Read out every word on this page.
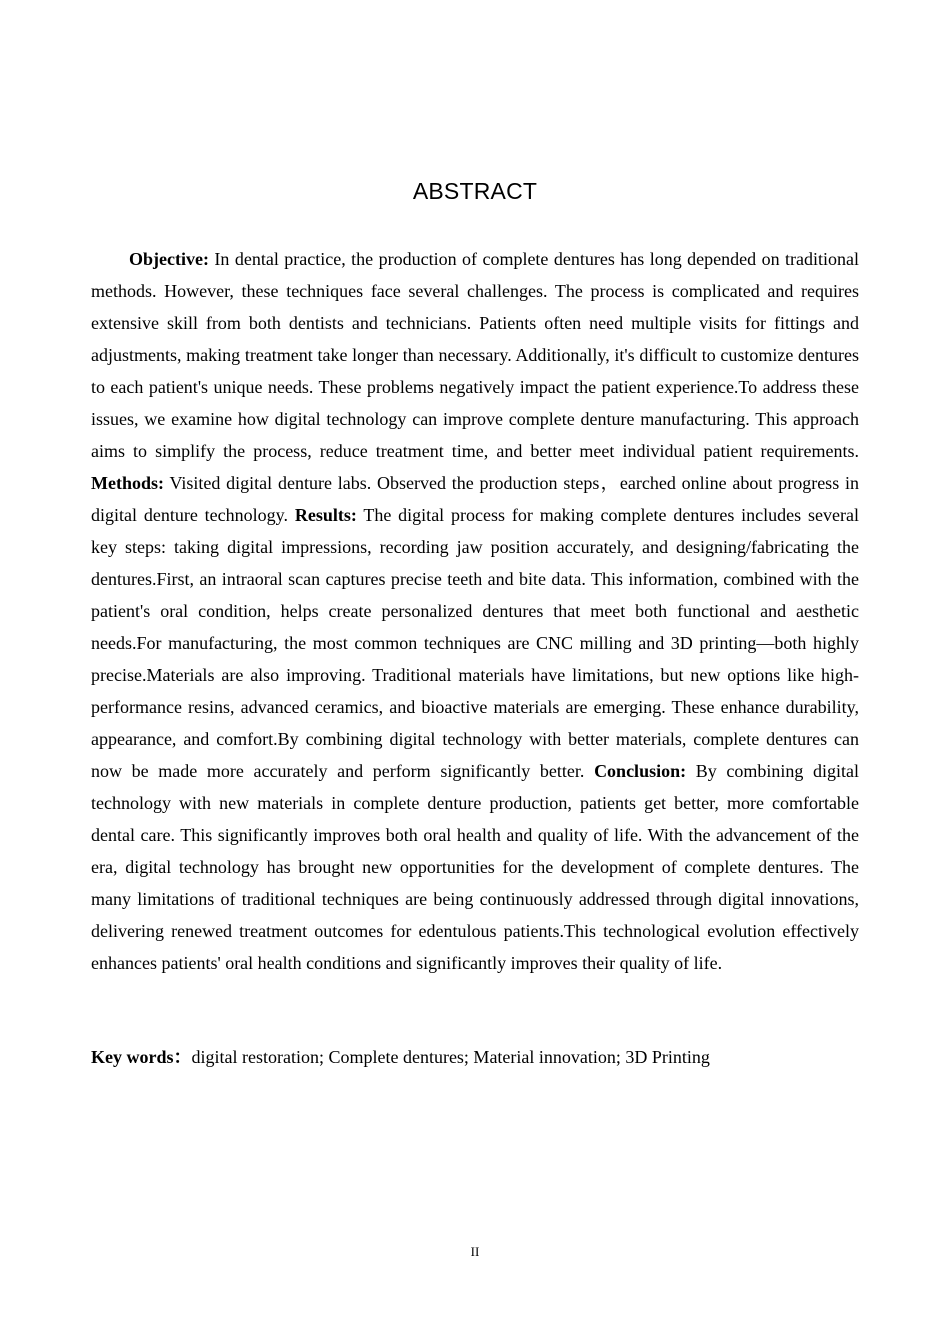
ABSTRACT

Objective: In dental practice, the production of complete dentures has long depended on traditional methods. However, these techniques face several challenges. The process is complicated and requires extensive skill from both dentists and technicians. Patients often need multiple visits for fittings and adjustments, making treatment take longer than necessary. Additionally, it's difficult to customize dentures to each patient's unique needs. These problems negatively impact the patient experience.To address these issues, we examine how digital technology can improve complete denture manufacturing. This approach aims to simplify the process, reduce treatment time, and better meet individual patient requirements. Methods: Visited digital denture labs. Observed the production steps，earched online about progress in digital denture technology. Results: The digital process for making complete dentures includes several key steps: taking digital impressions, recording jaw position accurately, and designing/fabricating the dentures.First, an intraoral scan captures precise teeth and bite data. This information, combined with the patient's oral condition, helps create personalized dentures that meet both functional and aesthetic needs.For manufacturing, the most common techniques are CNC milling and 3D printing—both highly precise.Materials are also improving. Traditional materials have limitations, but new options like high-performance resins, advanced ceramics, and bioactive materials are emerging. These enhance durability, appearance, and comfort.By combining digital technology with better materials, complete dentures can now be made more accurately and perform significantly better. Conclusion: By combining digital technology with new materials in complete denture production, patients get better, more comfortable dental care. This significantly improves both oral health and quality of life. With the advancement of the era, digital technology has brought new opportunities for the development of complete dentures. The many limitations of traditional techniques are being continuously addressed through digital innovations, delivering renewed treatment outcomes for edentulous patients.This technological evolution effectively enhances patients' oral health conditions and significantly improves their quality of life.

Key words：digital restoration; Complete dentures; Material innovation; 3D Printing

II
